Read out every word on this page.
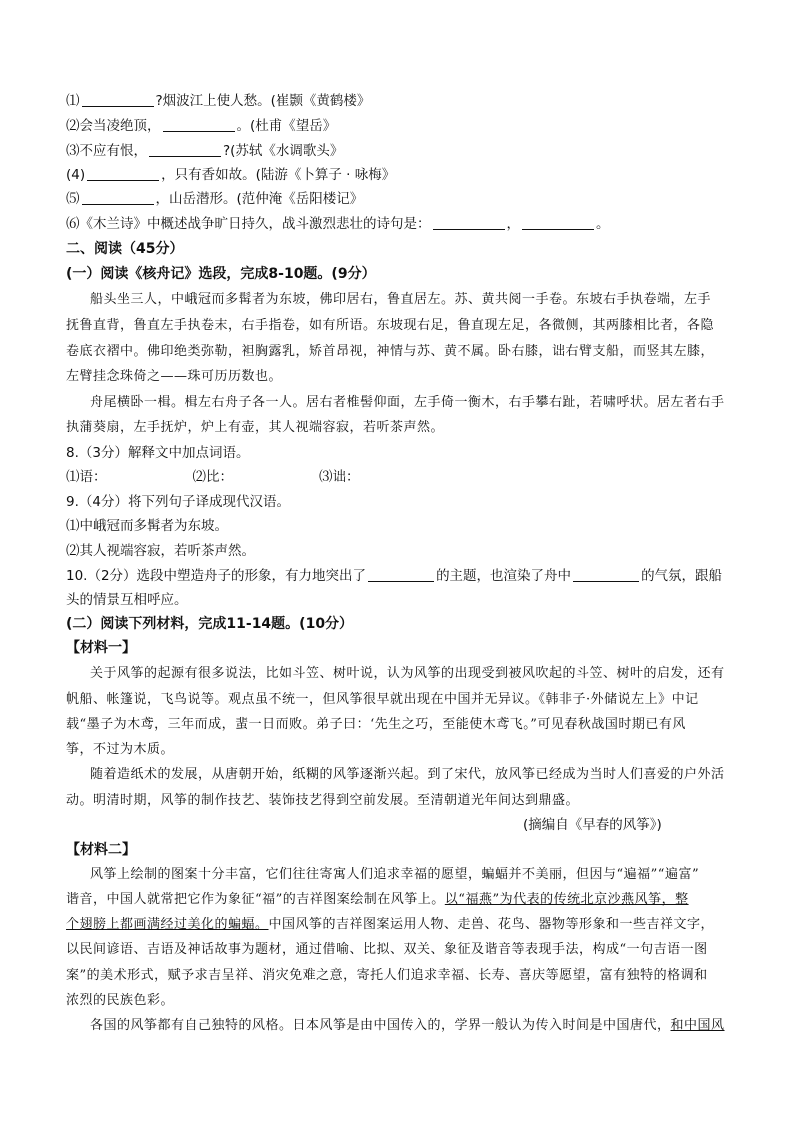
⑴	?烟波江上使人愁。(崔颢《黄鹤楼》
⑵会当凌绝顶，	。(杜甫《望岳》
⑶不应有恨，	?(苏轼《水调歌头》
(4)	，只有香如故。(陆游《卜算子 · 咏梅》
⑸	，山岳潜形。(范仲淹《岳阳楼记》
⑹《木兰诗》中概述战争旷日持久，战斗激烈悲壮的诗句是：	，	。
二、阅读（45分）
(一）阅读《核舟记》选段，完成8-10题。(9分）
船头坐三人，中峨冠而多髯者为东坡，佛印居右，鲁直居左。苏、黄共阅一手卷。东坡右手执卷端，左手
抚鲁直背，鲁直左手执卷末，右手指卷，如有所语。东坡现右足，鲁直现左足，各微侧，其两膝相比者，各隐
卷底衣褶中。佛印绝类弥勒，袒胸露乳，矫首昂视，神情与苏、黄不属。卧右膝，诎右臂支船，而竖其左膝，
左臂挂念珠倚之——珠可历历数也。
舟尾横卧一楫。楫左右舟子各一人。居右者椎髻仰面，左手倚一衡木，右手攀右趾，若啸呼状。居左者右手
执蒲葵扇，左手抚炉，炉上有壶，其人视端容寂，若听茶声然。
8.（3分）解释文中加点词语。
⑴语：	⑵比：	⑶诎：
9.（4分）将下列句子译成现代汉语。
⑴中峨冠而多髯者为东坡。
⑵其人视端容寂，若听茶声然。
10.（2分）选段中塑造舟子的形象，有力地突出了	的主题，也渲染了舟中	的气氛，跟船
头的情景互相呼应。
(二）阅读下列材料，完成11-14题。(10分）
【材料一】
关于风筝的起源有很多说法，比如斗笠、树叶说，认为风筝的出现受到被风吹起的斗笠、树叶的启发，还有
帆船、帐篷说，飞鸟说等。观点虽不统一，但风筝很早就出现在中国并无异议。《韩非子·外储说左上》中记
载“墨子为木鸢，三年而成，蜚一日而败。弟子曰：‘先生之巧，至能使木鸢飞。”可见春秋战国时期已有风
筝，不过为木质。
随着造纸术的发展，从唐朝开始，纸糊的风筝逐渐兴起。到了宋代，放风筝已经成为当时人们喜爱的户外活
动。明清时期，风筝的制作技艺、装饰技艺得到空前发展。至清朝道光年间达到鼎盛。
(摘编自《早春的风筝》)
【材料二】
风筝上绘制的图案十分丰富，它们往往寄寓人们追求幸福的愿望，蝙蝠并不美丽，但因与“遍福”“遍富”
谐音，中国人就常把它作为象征“福”的吉祥图案绘制在风筝上。以“福燕”为代表的传统北京沙燕风筝，整
个翅膀上都画满经过美化的蝙蝠。中国风筝的吉祥图案运用人物、走兽、花鸟、器物等形象和一些吉祥文字，
以民间谚语、吉语及神话故事为题材，通过借喻、比拟、双关、象征及谐音等表现手法，构成“一句吉语一图
案”的美术形式，赋予求吉呈祥、消灾免难之意，寄托人们追求幸福、长寿、喜庆等愿望，富有独特的格调和
浓烈的民族色彩。
各国的风筝都有自己独特的风格。日本风筝是由中国传入的，学界一般认为传入时间是中国唐代，和中国风
